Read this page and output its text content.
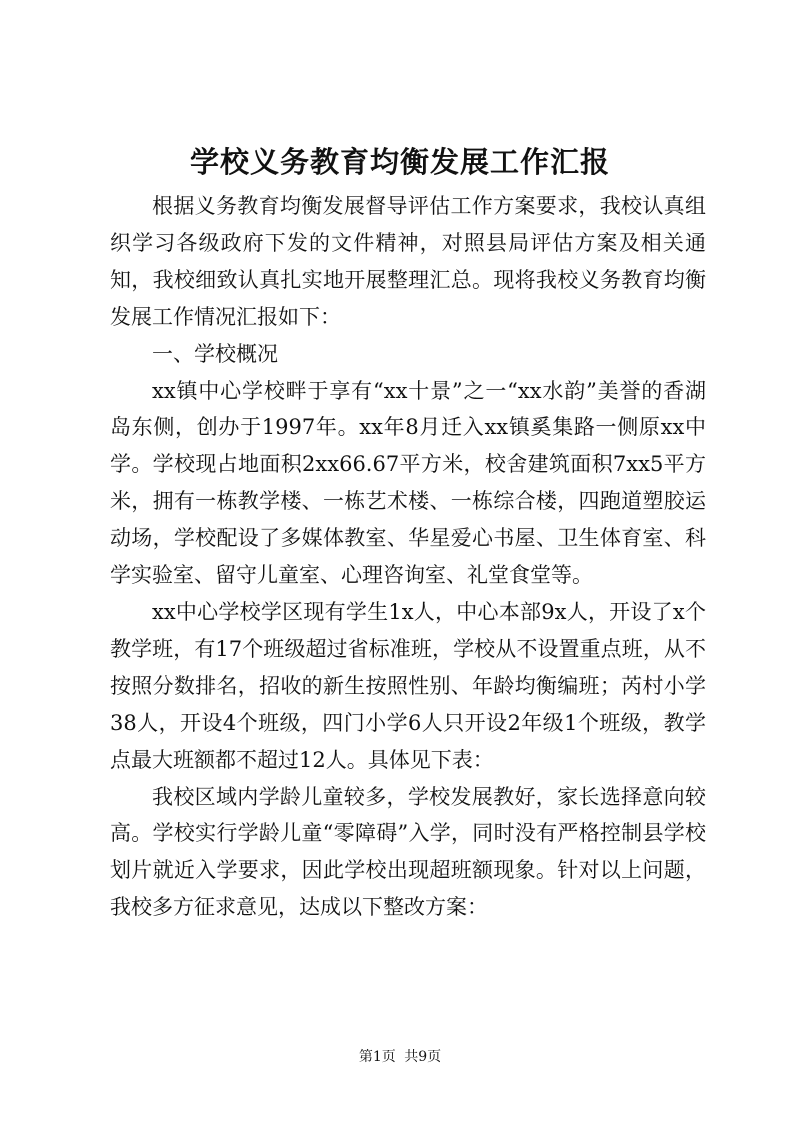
学校义务教育均衡发展工作汇报

根据义务教育均衡发展督导评估工作方案要求，我校认真组织学习各级政府下发的文件精神，对照县局评估方案及相关通知，我校细致认真扎实地开展整理汇总。现将我校义务教育均衡发展工作情况汇报如下：

一、学校概况

xx镇中心学校畔于享有“xx十景”之一“xx水韵”美誉的香湖岛东侧，创办于1997年。xx年8月迁入xx镇奚集路一侧原xx中学。学校现占地面积2xx66.67平方米，校舍建筑面积7xx5平方米，拥有一栋教学楼、一栋艺术楼、一栋综合楼，四跑道塑胶运动场，学校配设了多媒体教室、华星爱心书屋、卫生体育室、科学实验室、留守儿童室、心理咨询室、礼堂食堂等。

xx中心学校学区现有学生1x人，中心本部9x人，开设了x个教学班，有17个班级超过省标准班，学校从不设置重点班，从不按照分数排名，招收的新生按照性别、年龄均衡编班；芮村小学38人，开设4个班级，四门小学6人只开设2年级1个班级，教学点最大班额都不超过12人。具体见下表：

我校区域内学龄儿童较多，学校发展教好，家长选择意向较高。学校实行学龄儿童“零障碍”入学，同时没有严格控制县学校划片就近入学要求，因此学校出现超班额现象。针对以上问题，我校多方征求意见，达成以下整改方案：

第1页 共9页
